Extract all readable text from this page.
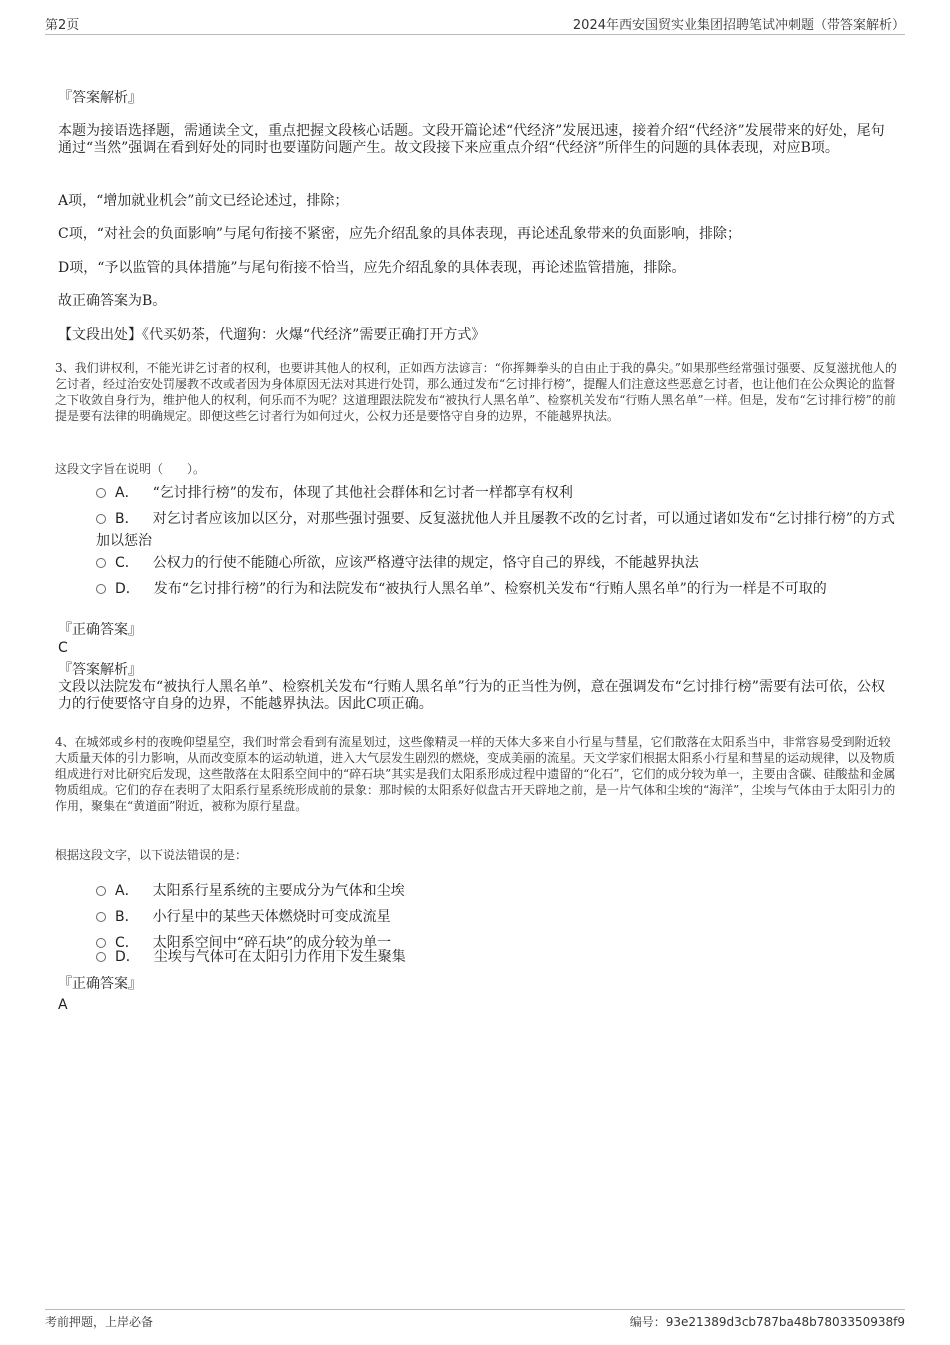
第2页	2024年西安国贸实业集团招聘笔试冲刺题（带答案解析）
『答案解析』
本题为接语选择题，需通读全文，重点把握文段核心话题。文段开篇论述“代经济”发展迅速，接着介绍“代经济”发展带来的好处，尾句通过“当然”强调在看到好处的同时也要谨防问题产生。故文段接下来应重点介绍“代经济”所伴生的问题的具体表现，对应B项。
A项，“增加就业机会”前文已经论述过，排除；
C项，“对社会的负面影响”与尾句衔接不紧密，应先介绍乱象的具体表现，再论述乱象带来的负面影响，排除；
D项，“予以监管的具体措施”与尾句衔接不恰当，应先介绍乱象的具体表现，再论述监管措施，排除。
故正确答案为B。
【文段出处】《代买奶茶，代遛狗：火爆“代经济”需要正确打开方式》
3、我们讲权利，不能光讲乞讨者的权利，也要讲其他人的权利，正如西方法谚言：“你挥舞拳头的自由止于我的鼻尖。”如果那些经常强讨强要、反复滋扰他人的乞讨者，经过治安处罚屡教不改或者因为身体原因无法对其进行处罚，那么通过发布“乞讨排行榜”，提醒人们注意这些恶意乞讨者，也让他们在公众舆论的监督之下收敛自身行为，维护他人的权利，何乐而不为呢？这道理跟法院发布“被执行人黑名单”、检察机关发布“行贿人黑名单”一样。但是，发布“乞讨排行榜”的前提是要有法律的明确规定。即便这些乞讨者行为如何过火，公权力还是要恪守自身的边界，不能越界执法。
这段文字旨在说明（　　）。
A． “乞讨排行榜”的发布，体现了其他社会群体和乞讨者一样都享有权利
B． 对乞讨者应该加以区分，对那些强讨强要、反复滋扰他人并且屡教不改的乞讨者，可以通过诸如发布“乞讨排行榜”的方式加以惩治
C． 公权力的行使不能随心所欲，应该严格遵守法律的规定，恪守自己的界线，不能越界执法
D． 发布“乞讨排行榜”的行为和法院发布“被执行人黑名单”、检察机关发布“行贿人黑名单”的行为一样是不可取的
『正确答案』
C
『答案解析』
文段以法院发布“被执行人黑名单”、检察机关发布“行贿人黑名单”行为的正当性为例，意在强调发布“乞讨排行榜”需要有法可依，公权力的行使要恪守自身的边界，不能越界执法。因此C项正确。
4、在城郊或乡村的夜晚仰望星空，我们时常会看到有流星划过，这些像精灵一样的天体大多来自小行星与彗星，它们散落在太阳系当中，非常容易受到附近较大质量天体的引力影响，从而改变原本的运动轨道，进入大气层发生剧烈的燃烧，变成美丽的流星。天文学家们根据太阳系小行星和彗星的运动规律，以及物质组成进行对比研究后发现，这些散落在太阳系空间中的“碎石块”其实是我们太阳系形成过程中遗留的“化石”，它们的成分较为单一，主要由含碳、硅酸盐和金属物质组成。它们的存在表明了太阳系行星系统形成前的景象：那时候的太阳系好似盘古开天辟地之前，是一片气体和尘埃的“海洋”，尘埃与气体由于太阳引力的作用，聚集在“黄道面”附近，被称为原行星盘。
根据这段文字，以下说法错误的是：
A． 太阳系行星系统的主要成分为气体和尘埃
B． 小行星中的某些天体燃烧时可变成流星
C． 太阳系空间中“碎石块”的成分较为单一
D． 尘埃与气体可在太阳引力作用下发生聚集
『正确答案』
A
考前押题，上岸必备	编号：93e21389d3cb787ba48b7803350938f9
